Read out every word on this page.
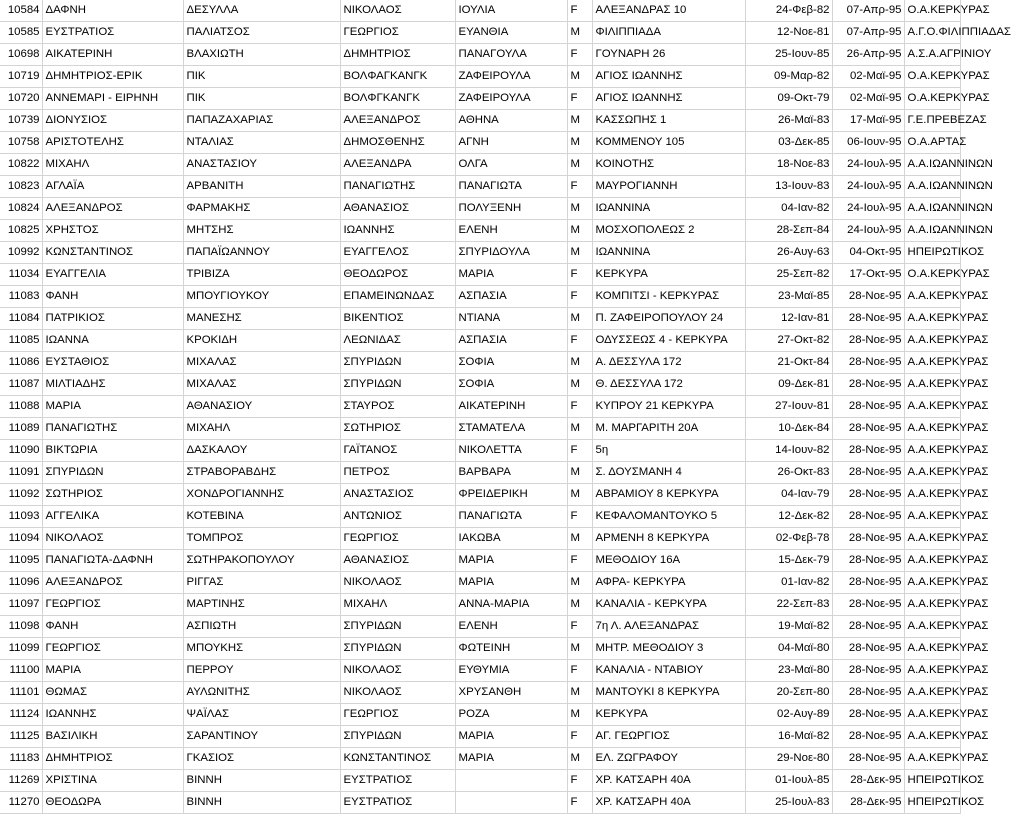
10584	ΔΑΦΝΗ	ΔΕΣΥΛΛΑ	ΝΙΚΟΛΑΟΣ	ΙΟΥΛΙΑ	F	ΑΛΕΞΑΝΔΡΑΣ 10	24-Φεβ-82	07-Απρ-95	Ο.Α.ΚΕΡΚΥΡΑΣ
10585	ΕΥΣΤΡΑΤΙΟΣ	ΠΑΛΙΑΤΣΟΣ	ΓΕΩΡΓΙΟΣ	ΕΥΑΝΘΙΑ	M	ΦΙΛΙΠΠΙΑΔΑ	12-Νοε-81	07-Απρ-95	Α.Γ.Ο.ΦΙΛΙΠΠΙΑΔΑΣ
10698	ΑΙΚΑΤΕΡΙΝΗ	ΒΛΑΧΙΩΤΗ	ΔΗΜΗΤΡΙΟΣ	ΠΑΝΑΓΟΥΛΑ	F	ΓΟΥΝΑΡΗ 26	25-Ιουν-85	26-Απρ-95	Α.Σ.Α.ΑΓΡΙΝΙΟΥ
10719	ΔΗΜΗΤΡΙΟΣ-ΕΡΙΚ	ΠΙΚ	ΒΟΛΦΑΓΚΑΝΓΚ	ΖΑΦΕΙΡΟΥΛΑ	M	ΑΓΙΟΣ ΙΩΑΝΝΗΣ	09-Μαρ-82	02-Μαϊ-95	Ο.Α.ΚΕΡΚΥΡΑΣ
10720	ΑΝΝΕΜΑΡΙ - ΕΙΡΗΝΗ	ΠΙΚ	ΒΟΛΦΓΚΑΝΓΚ	ΖΑΦΕΙΡΟΥΛΑ	F	ΑΓΙΟΣ ΙΩΑΝΝΗΣ	09-Οκτ-79	02-Μαϊ-95	Ο.Α.ΚΕΡΚΥΡΑΣ
10739	ΔΙΟΝΥΣΙΟΣ	ΠΑΠΑΖΑΧΑΡΙΑΣ	ΑΛΕΞΑΝΔΡΟΣ	ΑΘΗΝΑ	M	ΚΑΣΣΩΠΗΣ 1	26-Μαϊ-83	17-Μαϊ-95	Γ.Ε.ΠΡΕΒΕΖΑΣ
10758	ΑΡΙΣΤΟΤΕΛΗΣ	ΝΤΑΛΙΑΣ	ΔΗΜΟΣΘΕΝΗΣ	ΑΓΝΗ	M	ΚΟΜΜΕΝΟΥ 105	03-Δεκ-85	06-Ιουν-95	Ο.Α.ΑΡΤΑΣ
10822	ΜΙΧΑΗΛ	ΑΝΑΣΤΑΣΙΟΥ	ΑΛΕΞΑΝΔΡΑ	ΟΛΓΑ	M	ΚΟΙΝΟΤΗΣ	18-Νοε-83	24-Ιουλ-95	Α.Α.ΙΩΑΝΝΙΝΩΝ
10823	ΑΓΛΑΪΑ	ΑΡΒΑΝΙΤΗ	ΠΑΝΑΓΙΩΤΗΣ	ΠΑΝΑΓΙΩΤΑ	F	ΜΑΥΡΟΓΙΑΝΝΗ	13-Ιουν-83	24-Ιουλ-95	Α.Α.ΙΩΑΝΝΙΝΩΝ
10824	ΑΛΕΞΑΝΔΡΟΣ	ΦΑΡΜΑΚΗΣ	ΑΘΑΝΑΣΙΟΣ	ΠΟΛΥΞΕΝΗ	M	ΙΩΑΝΝΙΝΑ	04-Ιαν-82	24-Ιουλ-95	Α.Α.ΙΩΑΝΝΙΝΩΝ
10825	ΧΡΗΣΤΟΣ	ΜΗΤΣΗΣ	ΙΩΑΝΝΗΣ	ΕΛΕΝΗ	M	ΜΟΣΧΟΠΟΛΕΩΣ 2	28-Σεπ-84	24-Ιουλ-95	Α.Α.ΙΩΑΝΝΙΝΩΝ
10992	ΚΩΝΣΤΑΝΤΙΝΟΣ	ΠΑΠΑΪΩΑΝΝΟΥ	ΕΥΑΓΓΕΛΟΣ	ΣΠΥΡΙΔΟΥΛΑ	M	ΙΩΑΝΝΙΝΑ	26-Αυγ-63	04-Οκτ-95	ΗΠΕΙΡΩΤΙΚΟΣ
11034	ΕΥΑΓΓΕΛΙΑ	ΤΡΙΒΙΖΑ	ΘΕΟΔΩΡΟΣ	ΜΑΡΙΑ	F	ΚΕΡΚΥΡΑ	25-Σεπ-82	17-Οκτ-95	Ο.Α.ΚΕΡΚΥΡΑΣ
11083	ΦΑΝΗ	ΜΠΟΥΓΙΟΥΚΟΥ	ΕΠΑΜΕΙΝΩΝΔΑΣ	ΑΣΠΑΣΙΑ	F	ΚΟΜΠΙΤΣΙ - ΚΕΡΚΥΡΑΣ	23-Μαϊ-85	28-Νοε-95	Α.Α.ΚΕΡΚΥΡΑΣ
11084	ΠΑΤΡΙΚΙΟΣ	ΜΑΝΕΣΗΣ	ΒΙΚΕΝΤΙΟΣ	ΝΤΙΑΝΑ	M	Π. ΖΑΦΕΙΡΟΠΟΥΛΟΥ 24	12-Ιαν-81	28-Νοε-95	Α.Α.ΚΕΡΚΥΡΑΣ
11085	ΙΩΑΝΝΑ	ΚΡΟΚΙΔΗ	ΛΕΩΝΙΔΑΣ	ΑΣΠΑΣΙΑ	F	ΟΔΥΣΣΕΩΣ 4 - ΚΕΡΚΥΡΑ	27-Οκτ-82	28-Νοε-95	Α.Α.ΚΕΡΚΥΡΑΣ
11086	ΕΥΣΤΑΘΙΟΣ	ΜΙΧΑΛΑΣ	ΣΠΥΡΙΔΩΝ	ΣΟΦΙΑ	M	Α. ΔΕΣΣΥΛΑ 172	21-Οκτ-84	28-Νοε-95	Α.Α.ΚΕΡΚΥΡΑΣ
11087	ΜΙΛΤΙΑΔΗΣ	ΜΙΧΑΛΑΣ	ΣΠΥΡΙΔΩΝ	ΣΟΦΙΑ	M	Θ. ΔΕΣΣΥΛΑ 172	09-Δεκ-81	28-Νοε-95	Α.Α.ΚΕΡΚΥΡΑΣ
11088	ΜΑΡΙΑ	ΑΘΑΝΑΣΙΟΥ	ΣΤΑΥΡΟΣ	ΑΙΚΑΤΕΡΙΝΗ	F	ΚΥΠΡΟΥ 21 ΚΕΡΚΥΡΑ	27-Ιουν-81	28-Νοε-95	Α.Α.ΚΕΡΚΥΡΑΣ
11089	ΠΑΝΑΓΙΩΤΗΣ	ΜΙΧΑΗΛ	ΣΩΤΗΡΙΟΣ	ΣΤΑΜΑΤΕΛΑ	M	Μ. ΜΑΡΓΑΡΙΤΗ 20Α	10-Δεκ-84	28-Νοε-95	Α.Α.ΚΕΡΚΥΡΑΣ
11090	ΒΙΚΤΩΡΙΑ	ΔΑΣΚΑΛΟΥ	ΓΑΪΤΑΝΟΣ	ΝΙΚΟΛΕΤΤΑ	F	5η	14-Ιουν-82	28-Νοε-95	Α.Α.ΚΕΡΚΥΡΑΣ
11091	ΣΠΥΡΙΔΩΝ	ΣΤΡΑΒΟΡΑΒΔΗΣ	ΠΕΤΡΟΣ	ΒΑΡΒΑΡΑ	M	Σ. ΔΟΥΣΜΑΝΗ 4	26-Οκτ-83	28-Νοε-95	Α.Α.ΚΕΡΚΥΡΑΣ
11092	ΣΩΤΗΡΙΟΣ	ΧΟΝΔΡΟΓΙΑΝΝΗΣ	ΑΝΑΣΤΑΣΙΟΣ	ΦΡΕΙΔΕΡΙΚΗ	M	ΑΒΡΑΜΙΟΥ 8 ΚΕΡΚΥΡΑ	04-Ιαν-79	28-Νοε-95	Α.Α.ΚΕΡΚΥΡΑΣ
11093	ΑΓΓΕΛΙΚΑ	ΚΟΤΕΒΙΝΑ	ΑΝΤΩΝΙΟΣ	ΠΑΝΑΓΙΩΤΑ	F	ΚΕΦΑΛΟΜΑΝΤΟΥΚΟ 5	12-Δεκ-82	28-Νοε-95	Α.Α.ΚΕΡΚΥΡΑΣ
11094	ΝΙΚΟΛΑΟΣ	ΤΟΜΠΡΟΣ	ΓΕΩΡΓΙΟΣ	ΙΑΚΩΒΑ	M	ΑΡΜΕΝΗ 8 ΚΕΡΚΥΡΑ	02-Φεβ-78	28-Νοε-95	Α.Α.ΚΕΡΚΥΡΑΣ
11095	ΠΑΝΑΓΙΩΤΑ-ΔΑΦΝΗ	ΣΩΤΗΡΑΚΟΠΟΥΛΟΥ	ΑΘΑΝΑΣΙΟΣ	ΜΑΡΙΑ	F	ΜΕΘΟΔΙΟΥ 16Α	15-Δεκ-79	28-Νοε-95	Α.Α.ΚΕΡΚΥΡΑΣ
11096	ΑΛΕΞΑΝΔΡΟΣ	ΡΙΓΓΑΣ	ΝΙΚΟΛΑΟΣ	ΜΑΡΙΑ	M	ΑΦΡΑ- ΚΕΡΚΥΡΑ	01-Ιαν-82	28-Νοε-95	Α.Α.ΚΕΡΚΥΡΑΣ
11097	ΓΕΩΡΓΙΟΣ	ΜΑΡΤΙΝΗΣ	ΜΙΧΑΗΛ	ΑΝΝΑ-ΜΑΡΙΑ	M	ΚΑΝΑΛΙΑ - ΚΕΡΚΥΡΑ	22-Σεπ-83	28-Νοε-95	Α.Α.ΚΕΡΚΥΡΑΣ
11098	ΦΑΝΗ	ΑΣΠΙΩΤΗ	ΣΠΥΡΙΔΩΝ	ΕΛΕΝΗ	F	7η Λ. ΑΛΕΞΑΝΔΡΑΣ	19-Μαϊ-82	28-Νοε-95	Α.Α.ΚΕΡΚΥΡΑΣ
11099	ΓΕΩΡΓΙΟΣ	ΜΠΟΥΚΗΣ	ΣΠΥΡΙΔΩΝ	ΦΩΤΕΙΝΗ	M	ΜΗΤΡ. ΜΕΘΟΔΙΟΥ 3	04-Μαϊ-80	28-Νοε-95	Α.Α.ΚΕΡΚΥΡΑΣ
11100	ΜΑΡΙΑ	ΠΕΡΡΟΥ	ΝΙΚΟΛΑΟΣ	ΕΥΘΥΜΙΑ	F	ΚΑΝΑΛΙΑ - ΝΤΑΒΙΟΥ	23-Μαϊ-80	28-Νοε-95	Α.Α.ΚΕΡΚΥΡΑΣ
11101	ΘΩΜΑΣ	ΑΥΛΩΝΙΤΗΣ	ΝΙΚΟΛΑΟΣ	ΧΡΥΣΑΝΘΗ	M	ΜΑΝΤΟΥΚΙ 8 ΚΕΡΚΥΡΑ	20-Σεπ-80	28-Νοε-95	Α.Α.ΚΕΡΚΥΡΑΣ
11124	ΙΩΑΝΝΗΣ	ΨΑΪΛΑΣ	ΓΕΩΡΓΙΟΣ	ΡΟΖΑ	M	ΚΕΡΚΥΡΑ	02-Αυγ-89	28-Νοε-95	Α.Α.ΚΕΡΚΥΡΑΣ
11125	ΒΑΣΙΛΙΚΗ	ΣΑΡΑΝΤΙΝΟΥ	ΣΠΥΡΙΔΩΝ	ΜΑΡΙΑ	F	ΑΓ. ΓΕΩΡΓΙΟΣ	16-Μαϊ-82	28-Νοε-95	Α.Α.ΚΕΡΚΥΡΑΣ
11183	ΔΗΜΗΤΡΙΟΣ	ΓΚΑΣΙΟΣ	ΚΩΝΣΤΑΝΤΙΝΟΣ	ΜΑΡΙΑ	M	ΕΛ. ΖΩΓΡΑΦΟΥ	29-Νοε-80	28-Νοε-95	Α.Α.ΚΕΡΚΥΡΑΣ
11269	ΧΡΙΣΤΙΝΑ	ΒΙΝΝΗ	ΕΥΣΤΡΑΤΙΟΣ		F	ΧΡ. ΚΑΤΣΑΡΗ 40Α	01-Ιουλ-85	28-Δεκ-95	ΗΠΕΙΡΩΤΙΚΟΣ
11270	ΘΕΟΔΩΡΑ	ΒΙΝΝΗ	ΕΥΣΤΡΑΤΙΟΣ		F	ΧΡ. ΚΑΤΣΑΡΗ 40Α	25-Ιουλ-83	28-Δεκ-95	ΗΠΕΙΡΩΤΙΚΟΣ
